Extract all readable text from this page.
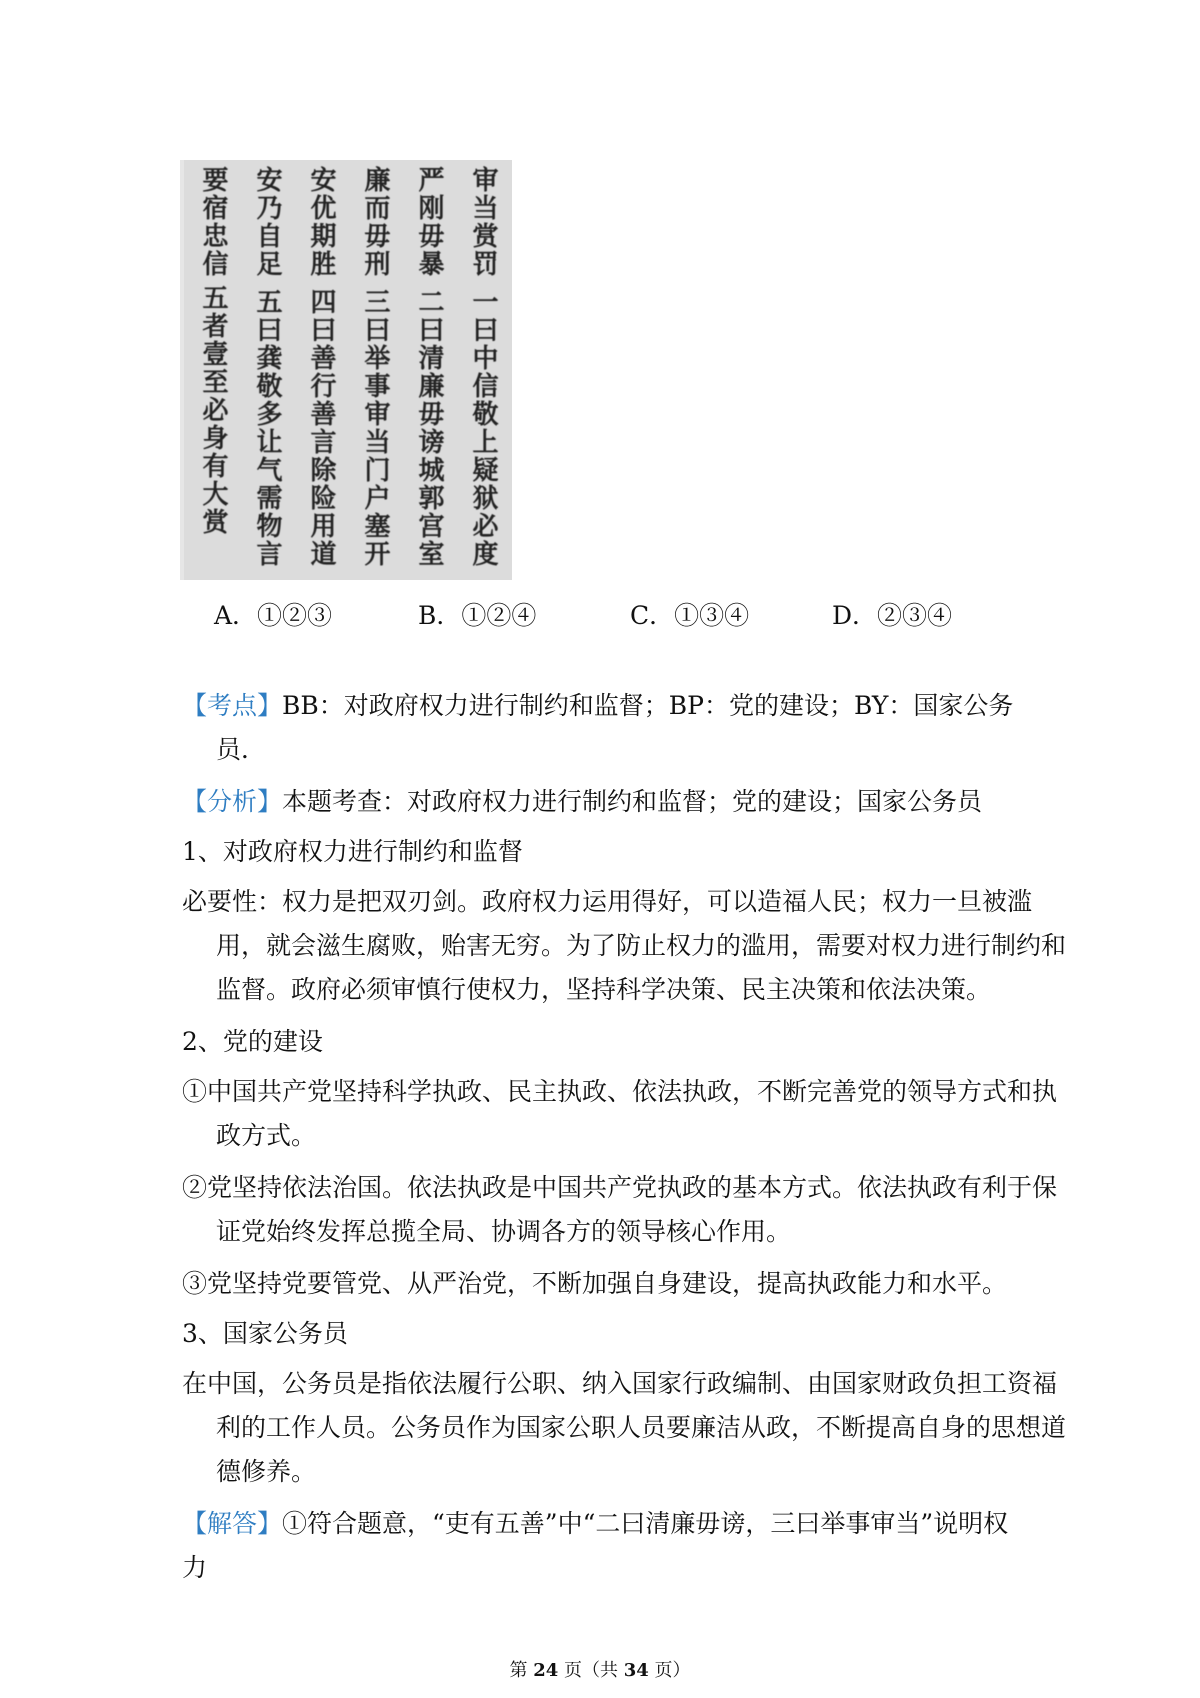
要宿忠信
五者壹至必身有大赏
安乃自足
五曰龚敬多让
气需物言
安优期胜
四曰善行善言
除险用道
廉而毋刑
三曰举事审当
门户塞开
严刚毋暴
二曰清廉毋谤
城郭宫室
审当赏罚
一曰中信敬上
疑狱必度
A．①②③	B．①②④	C．①③④	D．②③④
【考点】BB：对政府权力进行制约和监督；BP：党的建设；BY：国家公务
员．
【分析】本题考查：对政府权力进行制约和监督；党的建设；国家公务员
1、对政府权力进行制约和监督
必要性：权力是把双刃剑。政府权力运用得好，可以造福人民；权力一旦被滥用，就会滋生腐败，贻害无穷。为了防止权力的滥用，需要对权力进行制约和监督。政府必须审慎行使权力，坚持科学决策、民主决策和依法决策。
2、党的建设
①中国共产党坚持科学执政、民主执政、依法执政，不断完善党的领导方式和执政方式。
②党坚持依法治国。依法执政是中国共产党执政的基本方式。依法执政有利于保证党始终发挥总揽全局、协调各方的领导核心作用。
③党坚持党要管党、从严治党，不断加强自身建设，提高执政能力和水平。
3、国家公务员
在中国，公务员是指依法履行公职、纳入国家行政编制、由国家财政负担工资福利的工作人员。公务员作为国家公职人员要廉洁从政，不断提高自身的思想道德修养。
【解答】①符合题意，“吏有五善”中“二曰清廉毋谤，三曰举事审当”说明权力
第 24 页（共 34 页）
